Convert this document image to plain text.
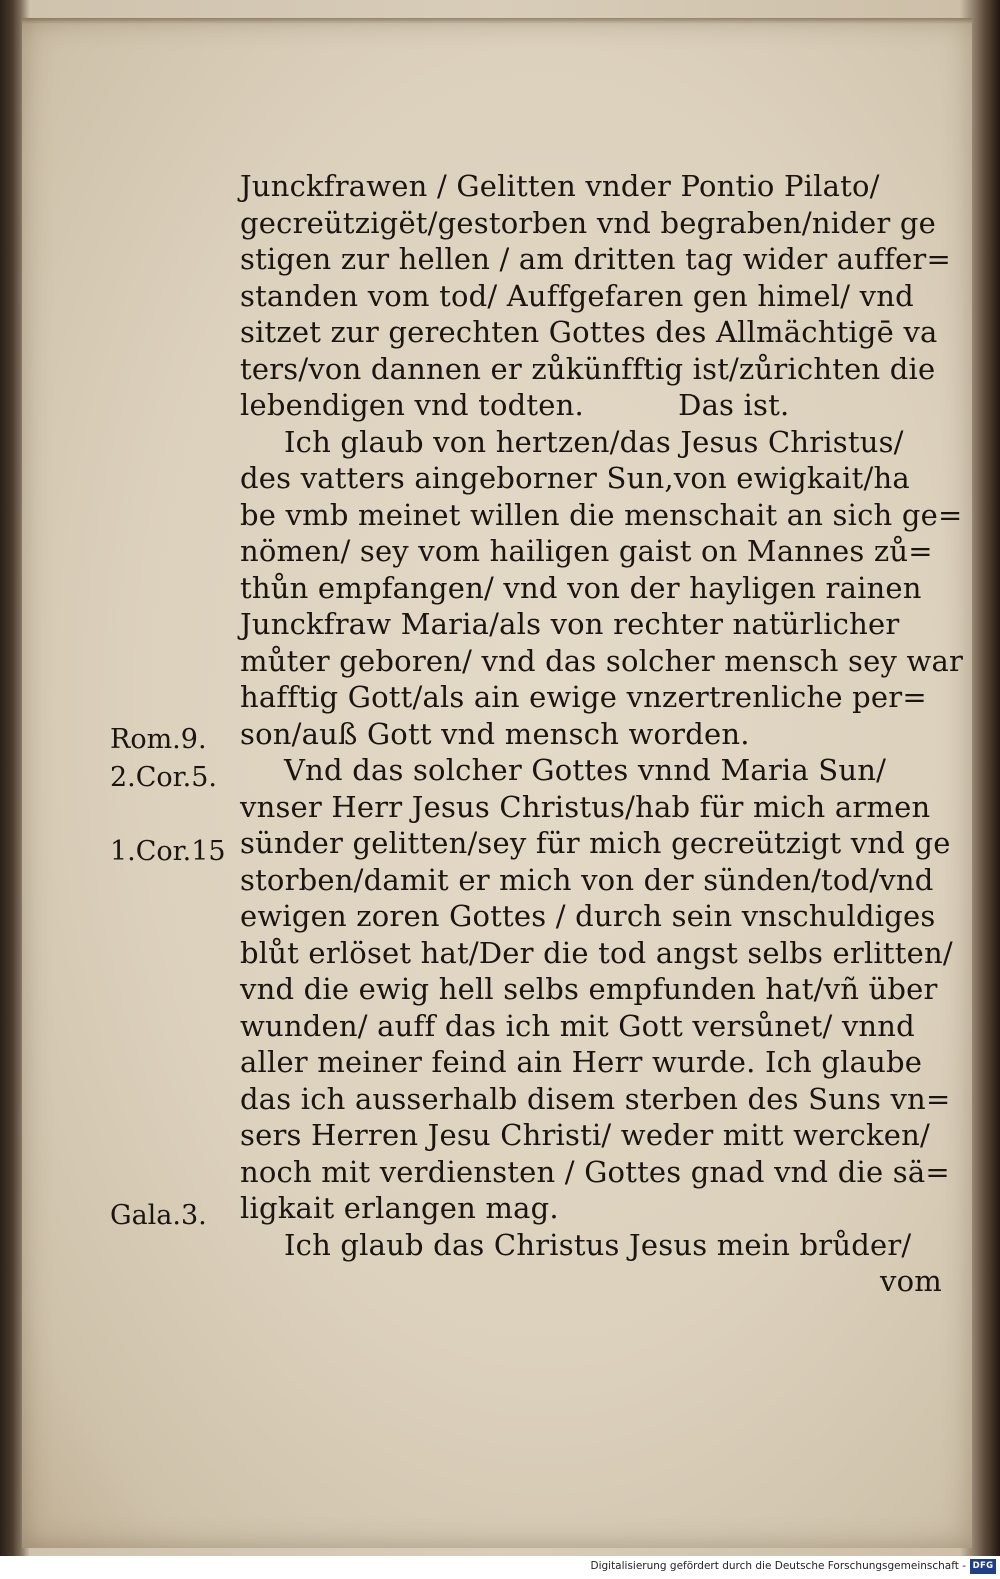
Junckfrawen / Gelitten vnder Pontio Pilato/
gecreützigët/gestorben vnd begraben/nider ge
stigen zur hellen / am dritten tag wider auffer=
standen vom tod/ Auffgefaren gen himel/ vnd
sitzet zur gerechten Gottes des Allmächtigē va
ters/von dannen er zůkünfftig ist/zůrichten die
lebendigen vnd todten.          Das ist.
Ich glaub von hertzen/das Jesus Christus/
des vatters aingeborner Sun,von ewigkait/ha
be vmb meinet willen die menschait an sich ge=
nömen/ sey vom hailigen gaist on Mannes zů=
thůn empfangen/ vnd von der hayligen rainen
Junckfraw Maria/als von rechter natürlicher
můter geboren/ vnd das solcher mensch sey war
hafftig Gott/als ain ewige vnzertrenliche per=
son/auß Gott vnd mensch worden.
Vnd das solcher Gottes vnnd Maria Sun/
vnser Herr Jesus Christus/hab für mich armen
sünder gelitten/sey für mich gecreützigt vnd ge
storben/damit er mich von der sünden/tod/vnd
ewigen zoren Gottes / durch sein vnschuldiges
blůt erlöset hat/Der die tod angst selbs erlitten/
vnd die ewig hell selbs empfunden hat/vñ über
wunden/ auff das ich mit Gott versůnet/ vnnd
aller meiner feind ain Herr wurde. Ich glaube
das ich ausserhalb disem sterben des Suns vn=
sers Herren Jesu Christi/ weder mitt wercken/
noch mit verdiensten / Gottes gnad vnd die sä=
ligkait erlangen mag.
Ich glaub das Christus Jesus mein brůder/
vom
Rom.9.
2.Cor.5.
1.Cor.15
Gala.3.
Digitalisierung gefördert durch die Deutsche Forschungsgemeinschaft - DFG
